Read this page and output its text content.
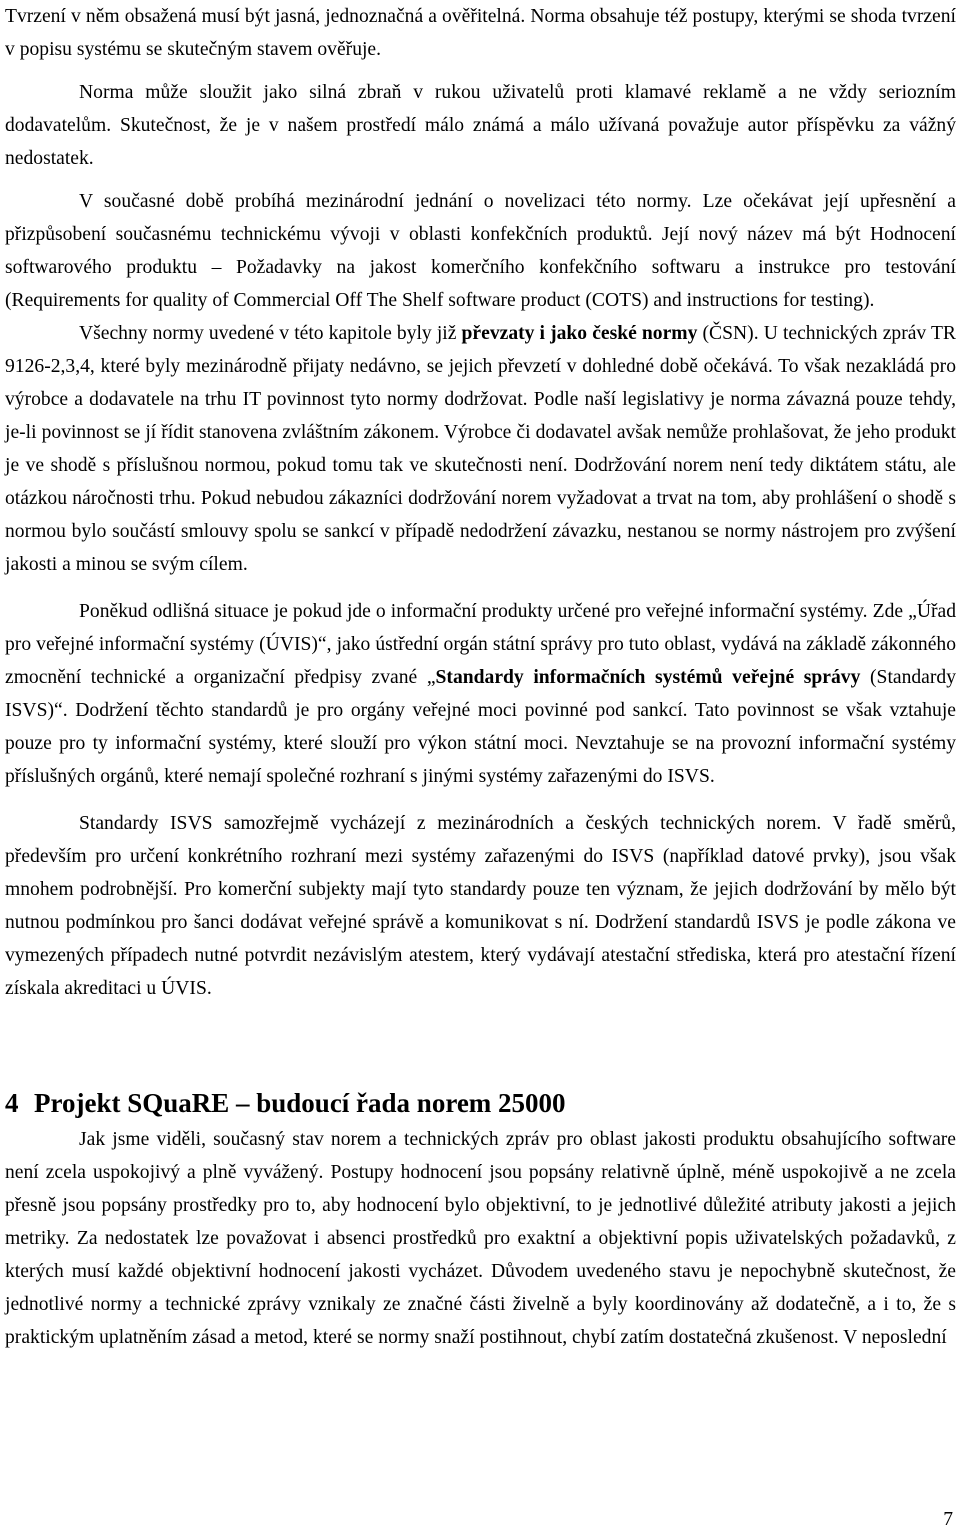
Tvrzení v něm obsažená musí být jasná, jednoznačná a ověřitelná. Norma obsahuje též postupy, kterými se shoda tvrzení v popisu systému se skutečným stavem ověřuje.

Norma může sloužit jako silná zbraň v rukou uživatelů proti klamavé reklamě a ne vždy seriozním dodavatelům. Skutečnost, že je v našem prostředí málo známá a málo užívaná považuje autor příspěvku za vážný nedostatek.

V současné době probíhá mezinárodní jednání o novelizaci této normy. Lze očekávat její upřesnění a přizpůsobení současnému technickému vývoji v oblasti konfekčních produktů. Její nový název má být Hodnocení softwarového produktu – Požadavky na jakost komerčního konfekčního softwaru a instrukce pro testování (Requirements for quality of Commercial Off The Shelf software product (COTS) and instructions for testing).

Všechny normy uvedené v této kapitole byly již převzaty i jako české normy (ČSN). U technických zpráv TR 9126-2,3,4, které byly mezinárodně přijaty nedávno, se jejich převzetí v dohledné době očekává. To však nezakládá pro výrobce a dodavatele na trhu IT povinnost tyto normy dodržovat. Podle naší legislativy je norma závazná pouze tehdy, je-li povinnost se jí řídit stanovena zvláštním zákonem. Výrobce či dodavatel avšak nemůže prohlašovat, že jeho produkt je ve shodě s příslušnou normou, pokud tomu tak ve skutečnosti není. Dodržování norem není tedy diktátem státu, ale otázkou náročnosti trhu. Pokud nebudou zákazníci dodržování norem vyžadovat a trvat na tom, aby prohlášení o shodě s normou bylo součástí smlouvy spolu se sankcí v případě nedodržení závazku, nestanou se normy nástrojem pro zvýšení jakosti a minou se svým cílem.

Poněkud odlišná situace je pokud jde o informační produkty určené pro veřejné informační systémy. Zde „Úřad pro veřejné informační systémy (ÚVIS)“, jako ústřední orgán státní správy pro tuto oblast, vydává na základě zákonného zmocnění technické a organizační předpisy zvané „Standardy informačních systémů veřejné správy (Standardy ISVS)“. Dodržení těchto standardů je pro orgány veřejné moci povinné pod sankcí. Tato povinnost se však vztahuje pouze pro ty informační systémy, které slouží pro výkon státní moci. Nevztahuje se na provozní informační systémy příslušných orgánů, které nemají společné rozhraní s jinými systémy zařazenými do ISVS.

Standardy ISVS samozřejmě vycházejí z mezinárodních a českých technických norem. V řadě směrů, především pro určení konkrétního rozhraní mezi systémy zařazenými do ISVS (například datové prvky), jsou však mnohem podrobnější. Pro komerční subjekty mají tyto standardy pouze ten význam, že jejich dodržování by mělo být nutnou podmínkou pro šanci dodávat veřejné správě a komunikovat s ní. Dodržení standardů ISVS je podle zákona ve vymezených případech nutné potvrdit nezávislým atestem, který vydávají atestační střediska, která pro atestační řízení získala akreditaci u ÚVIS.

4 Projekt SQuaRE – budoucí řada norem 25000

Jak jsme viděli, současný stav norem a technických zpráv pro oblast jakosti produktu obsahujícího software není zcela uspokojivý a plně vyvážený. Postupy hodnocení jsou popsány relativně úplně, méně uspokojivě a ne zcela přesně jsou popsány prostředky pro to, aby hodnocení bylo objektivní, to je jednotlivé důležité atributy jakosti a jejich metriky. Za nedostatek lze považovat i absenci prostředků pro exaktní a objektivní popis uživatelských požadavků, z kterých musí každé objektivní hodnocení jakosti vycházet. Důvodem uvedeného stavu je nepochybně skutečnost, že jednotlivé normy a technické zprávy vznikaly ze značné části živelně a byly koordinovány až dodatečně, a i to, že s praktickým uplatněním zásad a metod, které se normy snaží postihnout, chybí zatím dostatečná zkušenost. V neposlední

7
